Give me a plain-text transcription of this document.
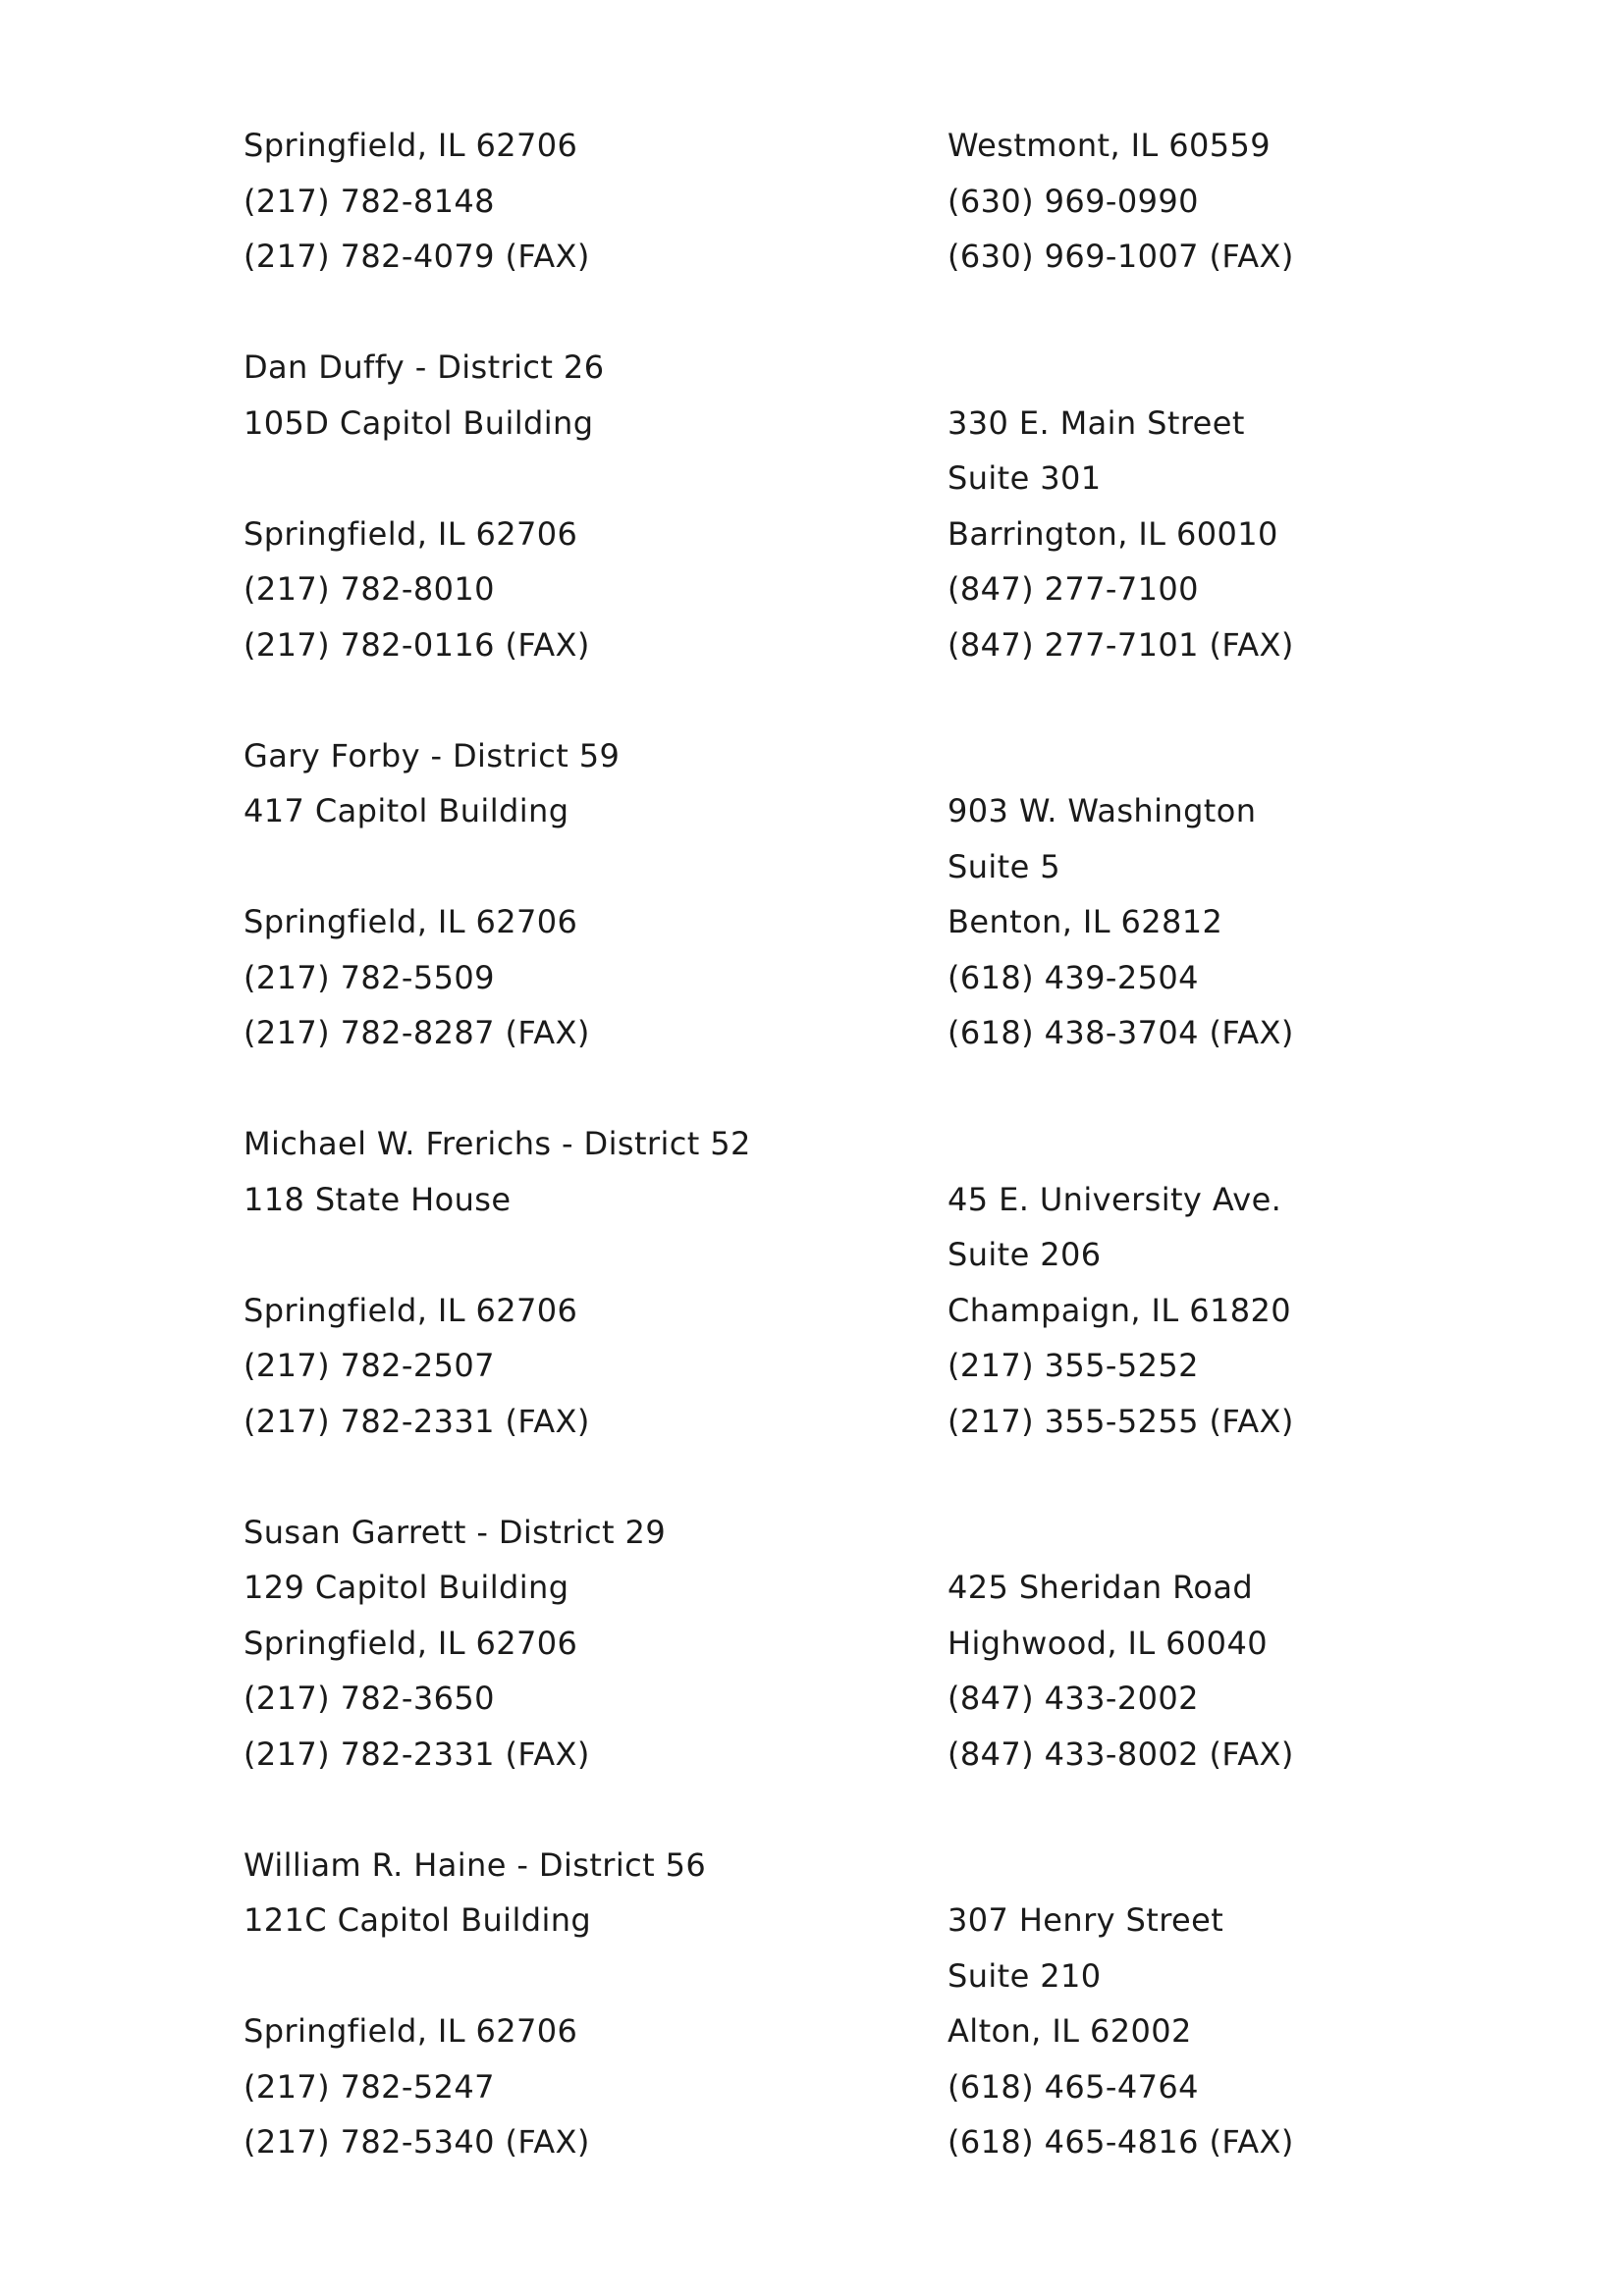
Springfield, IL 62706
(217) 782-8148
(217) 782-4079 (FAX)
Dan Duffy - District 26
105D Capitol Building
Springfield, IL 62706
(217) 782-8010
(217) 782-0116 (FAX)
Gary Forby - District 59
417 Capitol Building
Springfield, IL 62706
(217) 782-5509
(217) 782-8287 (FAX)
Michael W. Frerichs - District 52
118 State House
Springfield, IL 62706
(217) 782-2507
(217) 782-2331 (FAX)
Susan Garrett - District 29
129 Capitol Building
Springfield, IL 62706
(217) 782-3650
(217) 782-2331 (FAX)
William R. Haine - District 56
121C Capitol Building
Springfield, IL 62706
(217) 782-5247
(217) 782-5340 (FAX)
Westmont, IL 60559
(630) 969-0990
(630) 969-1007 (FAX)
330 E. Main Street
Suite 301
Barrington, IL 60010
(847) 277-7100
(847) 277-7101 (FAX)
903 W. Washington
Suite 5
Benton, IL 62812
(618) 439-2504
(618) 438-3704 (FAX)
45 E. University Ave.
Suite 206
Champaign, IL 61820
(217) 355-5252
(217) 355-5255 (FAX)
425 Sheridan Road
Highwood, IL 60040
(847) 433-2002
(847) 433-8002 (FAX)
307 Henry Street
Suite 210
Alton, IL 62002
(618) 465-4764
(618) 465-4816 (FAX)
